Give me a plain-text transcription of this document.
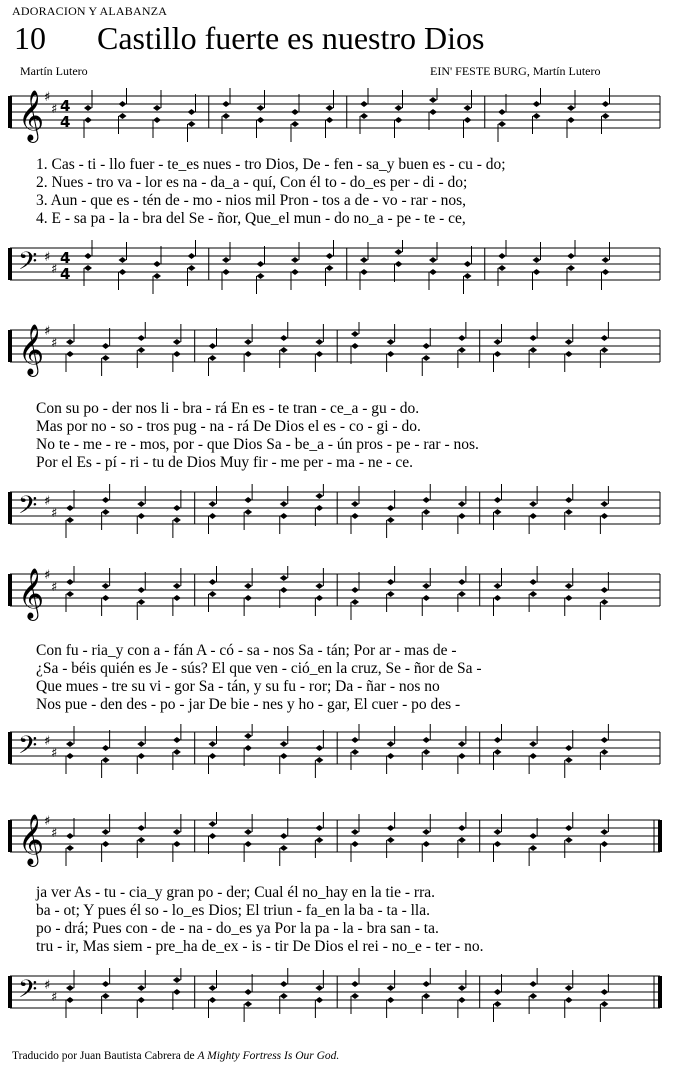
ADORACION Y ALABANZA
10 Castillo fuerte es nuestro Dios
Martín Lutero	EIN' FESTE BURG, Martín Lutero
𝄞 ♯
♯ 4
4
1. Cas - ti - llo fuer - te_es nues - tro Dios, De - fen - sa_y buen es - cu - do;
2. Nues - tro va - lor es na - da_a - quí, Con él to - do_es per - di - do;
3. Aun - que es - tén de - mo - nios mil Pron - tos a de - vo - rar - nos,
4. E - sa pa - la - bra del Se - ñor, Que_el mun - do no_a - pe - te - ce,
𝄢 ♯
♯
4
4
𝄞 ♯
♯
Con su po - der nos li - bra - rá En es - te tran - ce_a - gu - do.
Mas por no - so - tros pug - na - rá De Dios el es - co - gi - do.
No te - me - re - mos, por - que Dios Sa - be_a - ún pros - pe - rar - nos.
Por el Es - pí - ri - tu de Dios Muy fir - me per - ma - ne - ce.
𝄢 ♯
♯
𝄞 ♯
♯
Con fu - ria_y con a - fán A - có - sa - nos Sa - tán; Por ar - mas de -
¿Sa - béis quién es Je - sús? El que ven - ció_en la cruz, Se - ñor de Sa -
Que mues - tre su vi - gor Sa - tán, y su fu - ror; Da - ñar - nos no
Nos pue - den des - po - jar De bie - nes y ho - gar, El cuer - po des -
𝄢 ♯
♯
𝄞 ♯
♯
ja ver As - tu - cia_y gran po - der; Cual él no_hay en la tie - rra.
ba - ot; Y pues él so - lo_es Dios; El triun - fa_en la ba - ta - lla.
po - drá; Pues con - de - na - do_es ya Por la pa - la - bra san - ta.
tru - ir, Mas siem - pre_ha de_ex - is - tir De Dios el rei - no_e - ter - no.
𝄢 ♯
♯
Traducido por Juan Bautista Cabrera de A Mighty Fortress Is Our God.
